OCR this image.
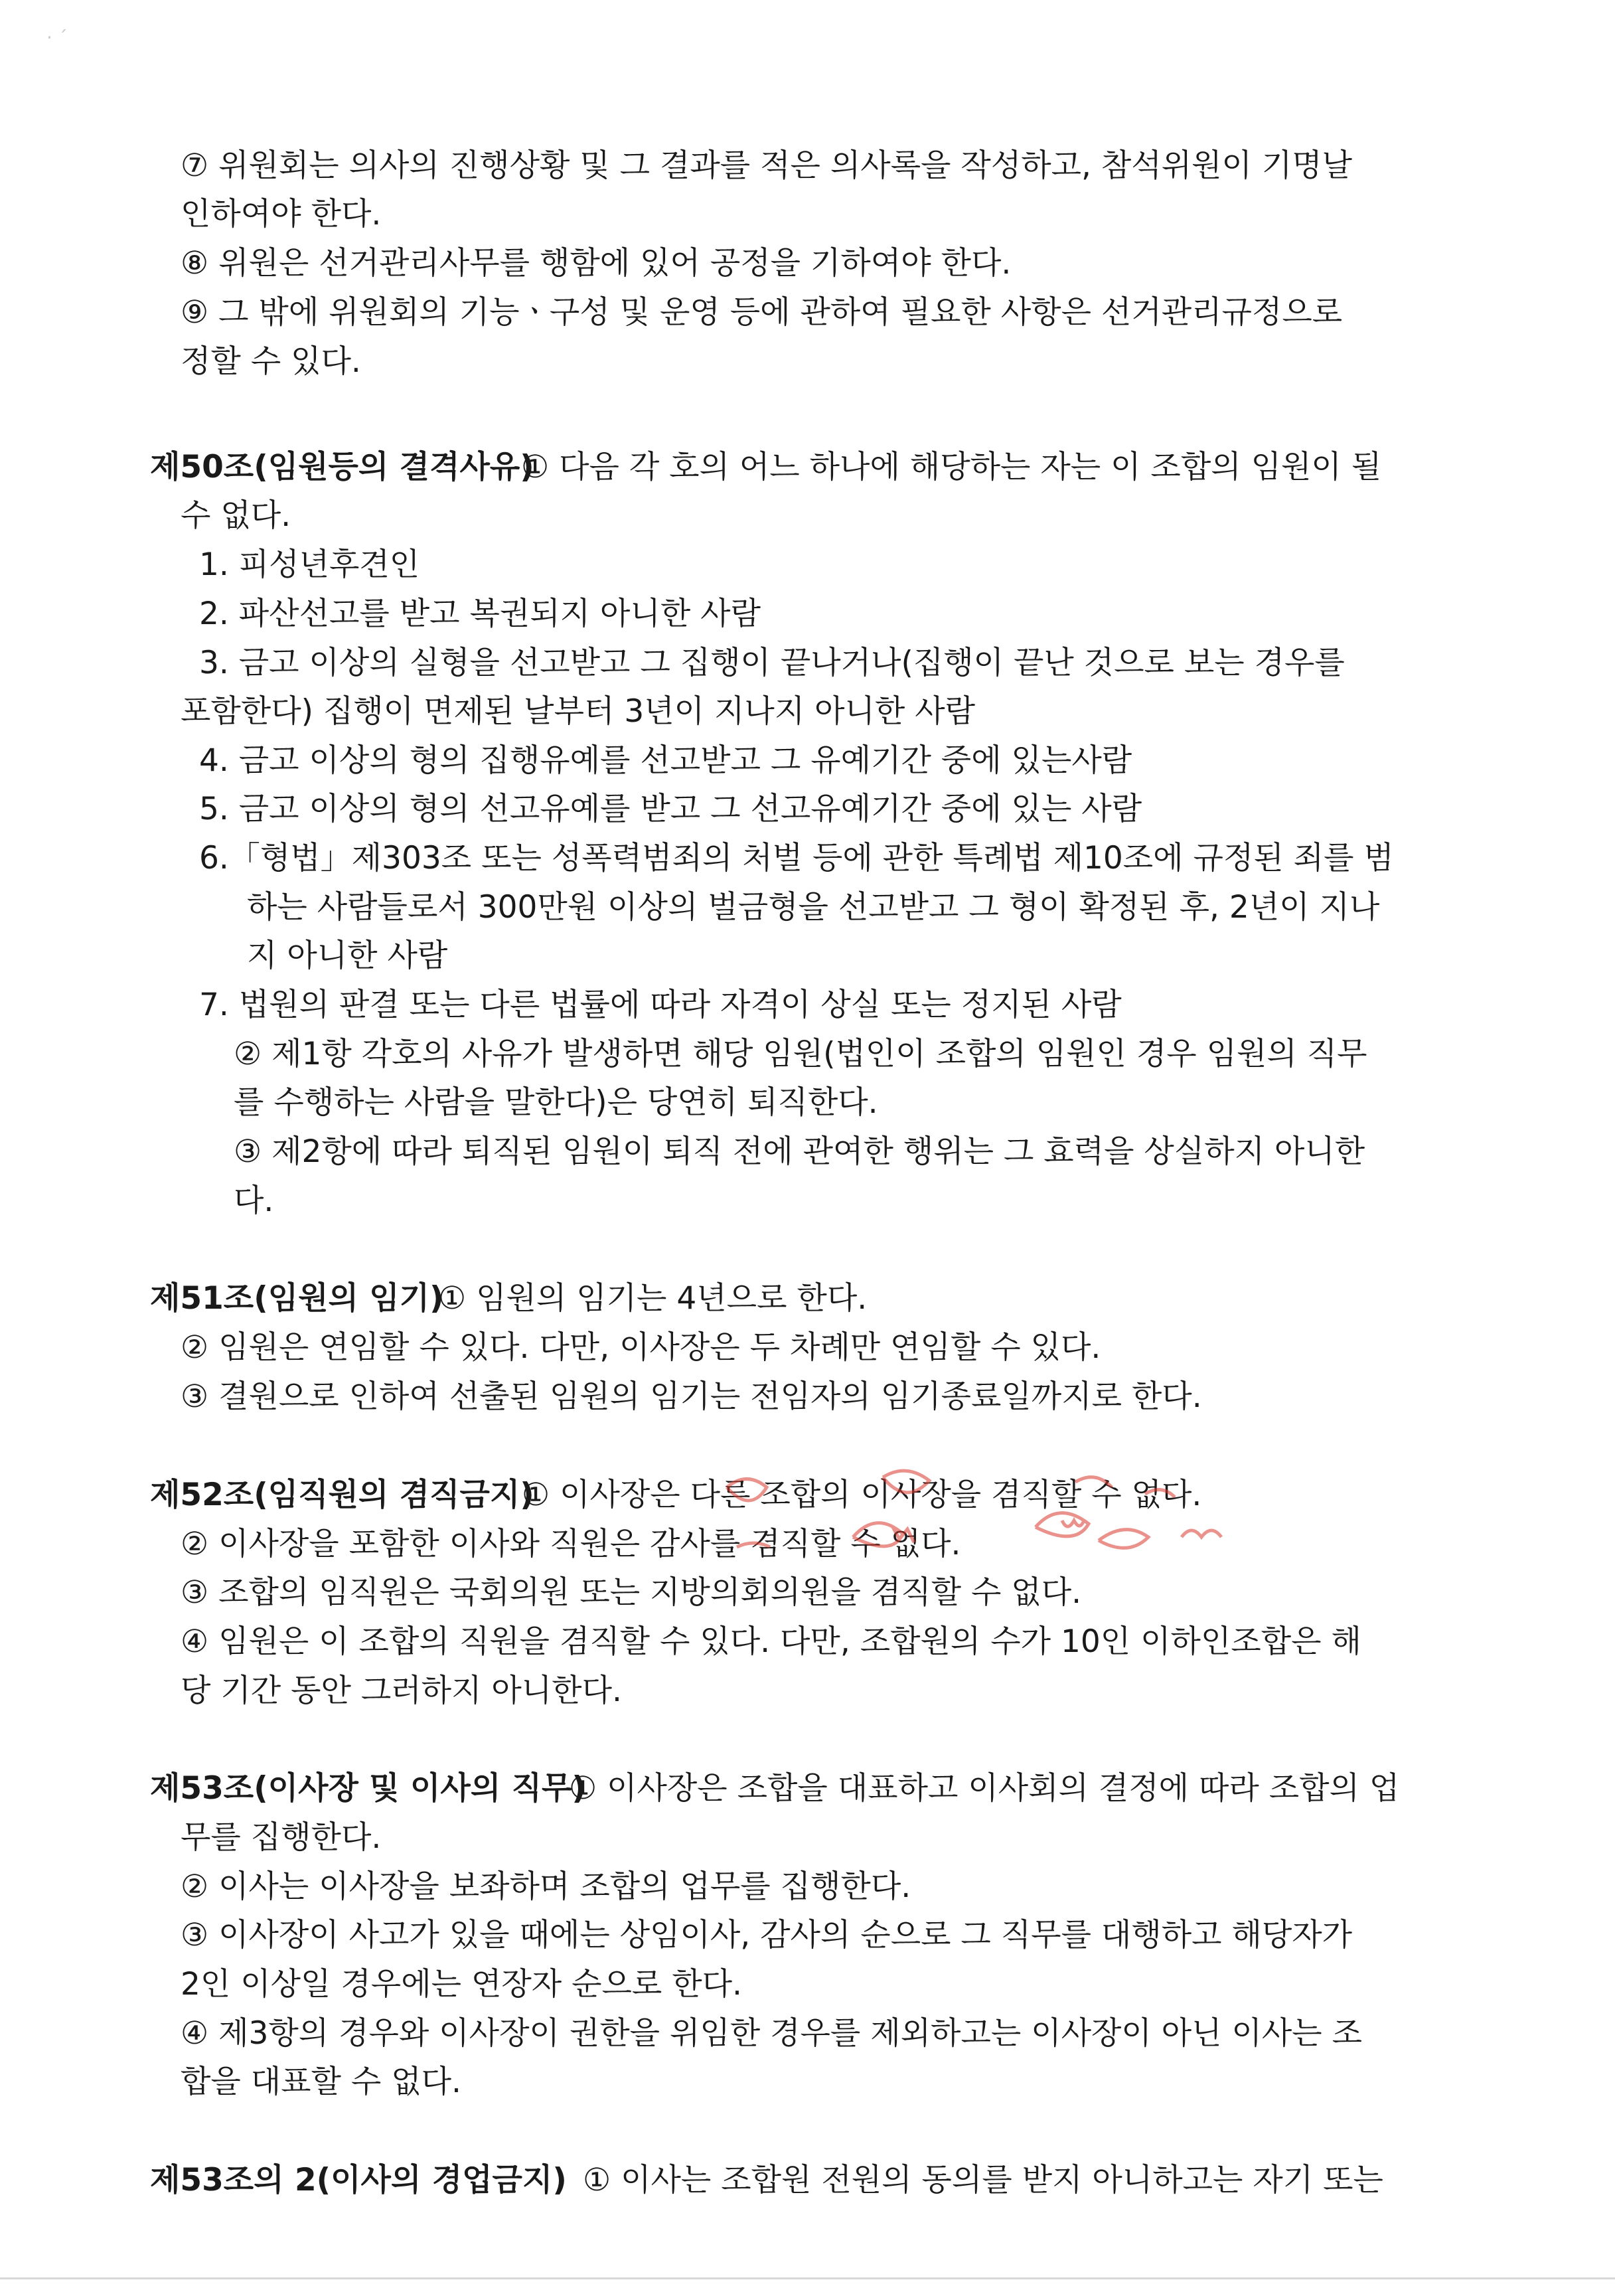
· ˊ
⑦ 위원회는 의사의 진행상황 및 그 결과를 적은 의사록을 작성하고, 참석위원이 기명날
인하여야 한다.
⑧ 위원은 선거관리사무를 행함에 있어 공정을 기하여야 한다.
⑨ 그 밖에 위원회의 기능ㆍ구성 및 운영 등에 관하여 필요한 사항은 선거관리규정으로
정할 수 있다.
제50조(임원등의 결격사유)
① 다음 각 호의 어느 하나에 해당하는 자는 이 조합의 임원이 될
수 없다.
1. 피성년후견인
2. 파산선고를 받고 복권되지 아니한 사람
3. 금고 이상의 실형을 선고받고 그 집행이 끝나거나(집행이 끝난 것으로 보는 경우를
포함한다) 집행이 면제된 날부터 3년이 지나지 아니한 사람
4. 금고 이상의 형의 집행유예를 선고받고 그 유예기간 중에 있는사람
5. 금고 이상의 형의 선고유예를 받고 그 선고유예기간 중에 있는 사람
6.「형법」제303조 또는 성폭력범죄의 처벌 등에 관한 특례법 제10조에 규정된 죄를 범
하는 사람들로서 300만원 이상의 벌금형을 선고받고 그 형이 확정된 후, 2년이 지나
지 아니한 사람
7. 법원의 판결 또는 다른 법률에 따라 자격이 상실 또는 정지된 사람
② 제1항 각호의 사유가 발생하면 해당 임원(법인이 조합의 임원인 경우 임원의 직무
를 수행하는 사람을 말한다)은 당연히 퇴직한다.
③ 제2항에 따라 퇴직된 임원이 퇴직 전에 관여한 행위는 그 효력을 상실하지 아니한
다.
제51조(임원의 임기)
① 임원의 임기는 4년으로 한다.
② 임원은 연임할 수 있다. 다만, 이사장은 두 차례만 연임할 수 있다.
③ 결원으로 인하여 선출된 임원의 임기는 전임자의 임기종료일까지로 한다.
제52조(임직원의 겸직금지)
① 이사장은 다른 조합의 이사장을 겸직할 수 없다.
② 이사장을 포함한 이사와 직원은 감사를 겸직할 수 없다.
③ 조합의 임직원은 국회의원 또는 지방의회의원을 겸직할 수 없다.
④ 임원은 이 조합의 직원을 겸직할 수 있다. 다만, 조합원의 수가 10인 이하인조합은 해
당 기간 동안 그러하지 아니한다.
제53조(이사장 및 이사의 직무)
① 이사장은 조합을 대표하고 이사회의 결정에 따라 조합의 업
무를 집행한다.
② 이사는 이사장을 보좌하며 조합의 업무를 집행한다.
③ 이사장이 사고가 있을 때에는 상임이사, 감사의 순으로 그 직무를 대행하고 해당자가
2인 이상일 경우에는 연장자 순으로 한다.
④ 제3항의 경우와 이사장이 권한을 위임한 경우를 제외하고는 이사장이 아닌 이사는 조
합을 대표할 수 없다.
제53조의 2(이사의 경업금지) ① 이사는 조합원 전원의 동의를 받지 아니하고는 자기 또는
